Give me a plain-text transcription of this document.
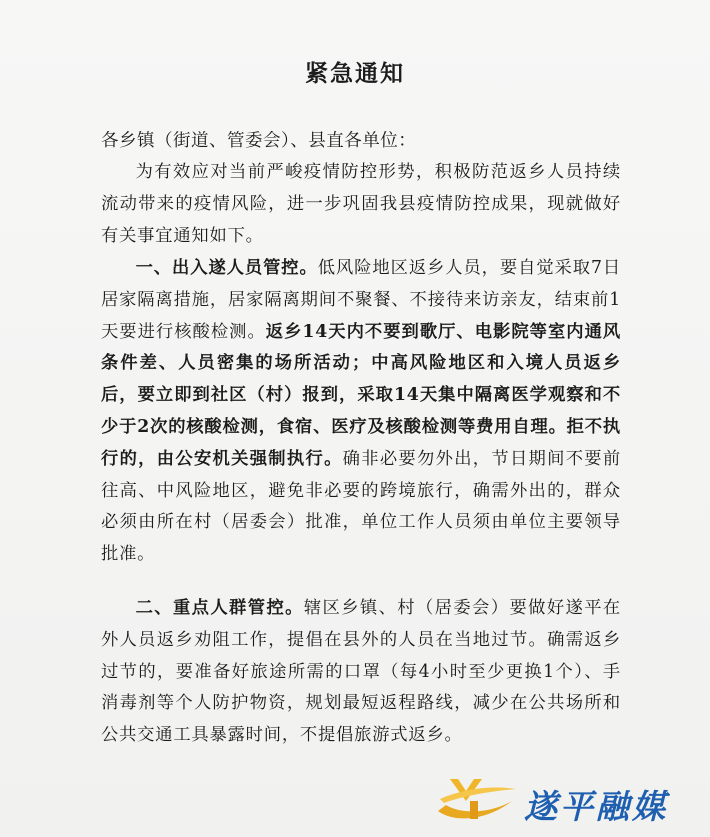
紧急通知
各乡镇（街道、管委会）、县直各单位：

为有效应对当前严峻疫情防控形势，积极防范返乡人员持续流动带来的疫情风险，进一步巩固我县疫情防控成果，现就做好有关事宜通知如下。

一、出入遂人员管控。低风险地区返乡人员，要自觉采取7日居家隔离措施，居家隔离期间不聚餐、不接待来访亲友，结束前1天要进行核酸检测。返乡14天内不要到歌厅、电影院等室内通风条件差、人员密集的场所活动；中高风险地区和入境人员返乡后，要立即到社区（村）报到，采取14天集中隔离医学观察和不少于2次的核酸检测，食宿、医疗及核酸检测等费用自理。拒不执行的，由公安机关强制执行。确非必要勿外出，节日期间不要前往高、中风险地区，避免非必要的跨境旅行，确需外出的，群众必须由所在村（居委会）批准，单位工作人员须由单位主要领导批准。

二、重点人群管控。辖区乡镇、村（居委会）要做好遂平在外人员返乡劝阻工作，提倡在县外的人员在当地过节。确需返乡过节的，要准备好旅途所需的口罩（每4小时至少更换1个）、手消毒剂等个人防护物资，规划最短返程路线，减少在公共场所和公共交通工具暴露时间，不提倡旅游式返乡。

遂平融媒
